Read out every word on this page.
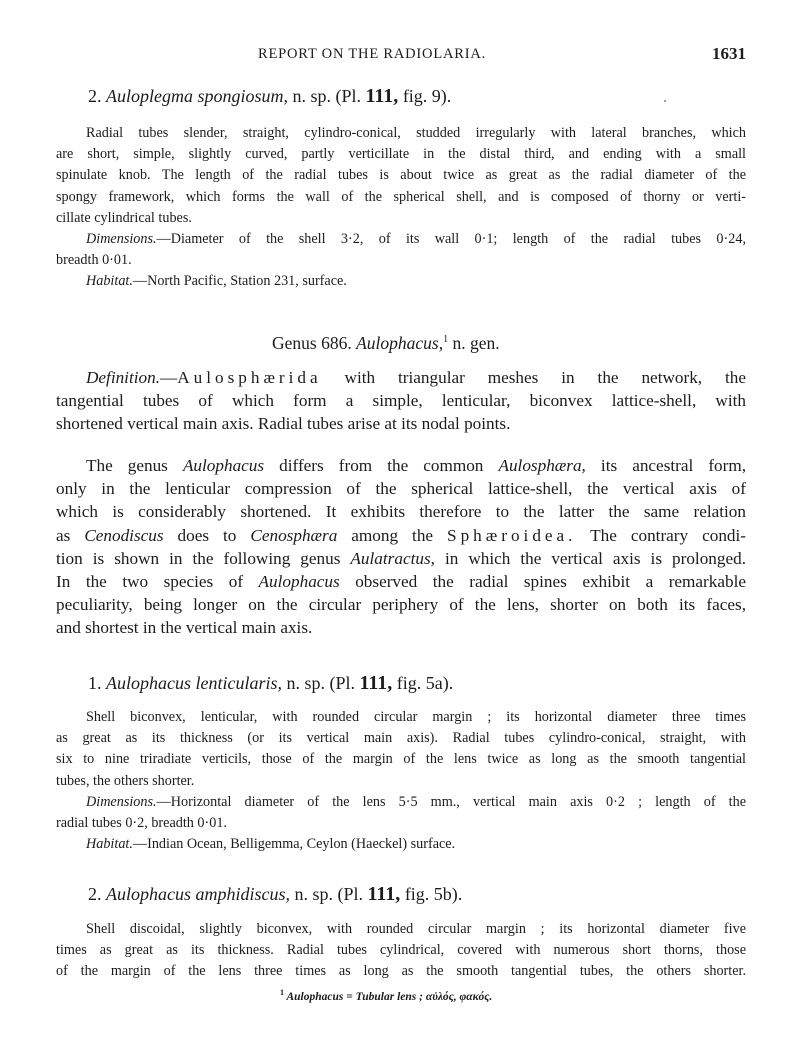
REPORT ON THE RADIOLARIA.	1631
2. Auloplegma spongiosum, n. sp. (Pl. 111, fig. 9).

Radial tubes slender, straight, cylindro-conical, studded irregularly with lateral branches, which
are short, simple, slightly curved, partly verticillate in the distal third, and ending with a small
spinulate knob. The length of the radial tubes is about twice as great as the radial diameter of the
spongy framework, which forms the wall of the spherical shell, and is composed of thorny or verti-
cillate cylindrical tubes.
Dimensions.—Diameter of the shell 3·2, of its wall 0·1; length of the radial tubes 0·24,
breadth 0·01.
Habitat.—North Pacific, Station 231, surface.

Genus 686. Aulophacus,$^1$ n. gen.

Definition.—Aulosphærida with triangular meshes in the network, the
tangential tubes of which form a simple, lenticular, biconvex lattice-shell, with
shortened vertical main axis. Radial tubes arise at its nodal points.

The genus Aulophacus differs from the common Aulosphæra, its ancestral form,
only in the lenticular compression of the spherical lattice-shell, the vertical axis of
which is considerably shortened. It exhibits therefore to the latter the same relation
as Cenodiscus does to Cenosphæra among the Sphæroidea. The contrary condi-
tion is shown in the following genus Aulatractus, in which the vertical axis is prolonged.
In the two species of Aulophacus observed the radial spines exhibit a remarkable
peculiarity, being longer on the circular periphery of the lens, shorter on both its faces,
and shortest in the vertical main axis.

1. Aulophacus lenticularis, n. sp. (Pl. 111, fig. 5a).

Shell biconvex, lenticular, with rounded circular margin ; its horizontal diameter three times
as great as its thickness (or its vertical main axis). Radial tubes cylindro-conical, straight, with
six to nine triradiate verticils, those of the margin of the lens twice as long as the smooth tangential
tubes, the others shorter.
Dimensions.—Horizontal diameter of the lens 5·5 mm., vertical main axis 0·2 ; length of the
radial tubes 0·2, breadth 0·01.
Habitat.—Indian Ocean, Belligemma, Ceylon (Haeckel) surface.

2. Aulophacus amphidiscus, n. sp. (Pl. 111, fig. 5b).

Shell discoidal, slightly biconvex, with rounded circular margin ; its horizontal diameter five
times as great as its thickness. Radial tubes cylindrical, covered with numerous short thorns, those
of the margin of the lens three times as long as the smooth tangential tubes, the others shorter.

$^1$ Aulophacus = Tubular lens ; αὐλός, φακός.
